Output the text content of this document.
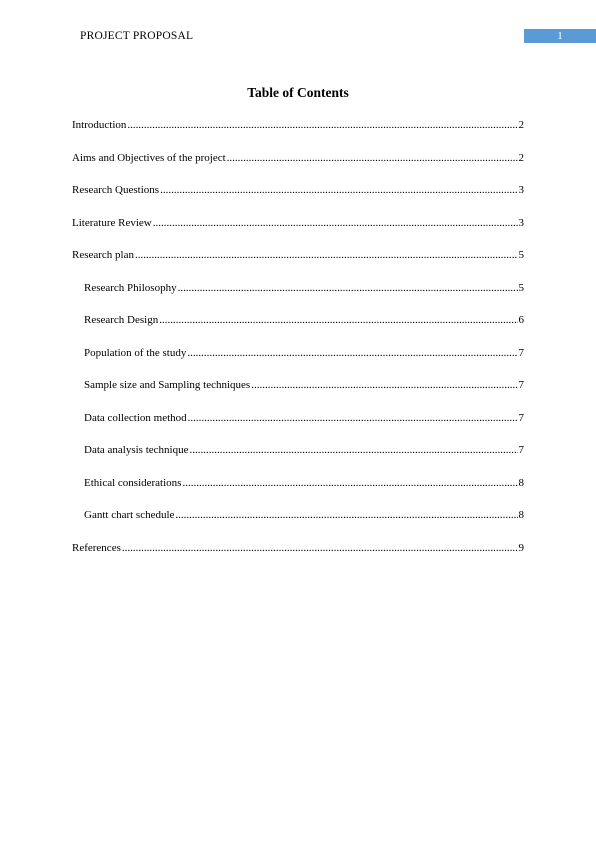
PROJECT PROPOSAL	1
Table of Contents
Introduction .....	2
Aims and Objectives of the project .....	2
Research Questions .....	3
Literature Review .....	3
Research plan .....	5
Research Philosophy .....	5
Research Design .....	6
Population of the study .....	7
Sample size and Sampling techniques .....	7
Data collection method .....	7
Data analysis technique .....	7
Ethical considerations .....	8
Gantt chart schedule .....	8
References .....	9
